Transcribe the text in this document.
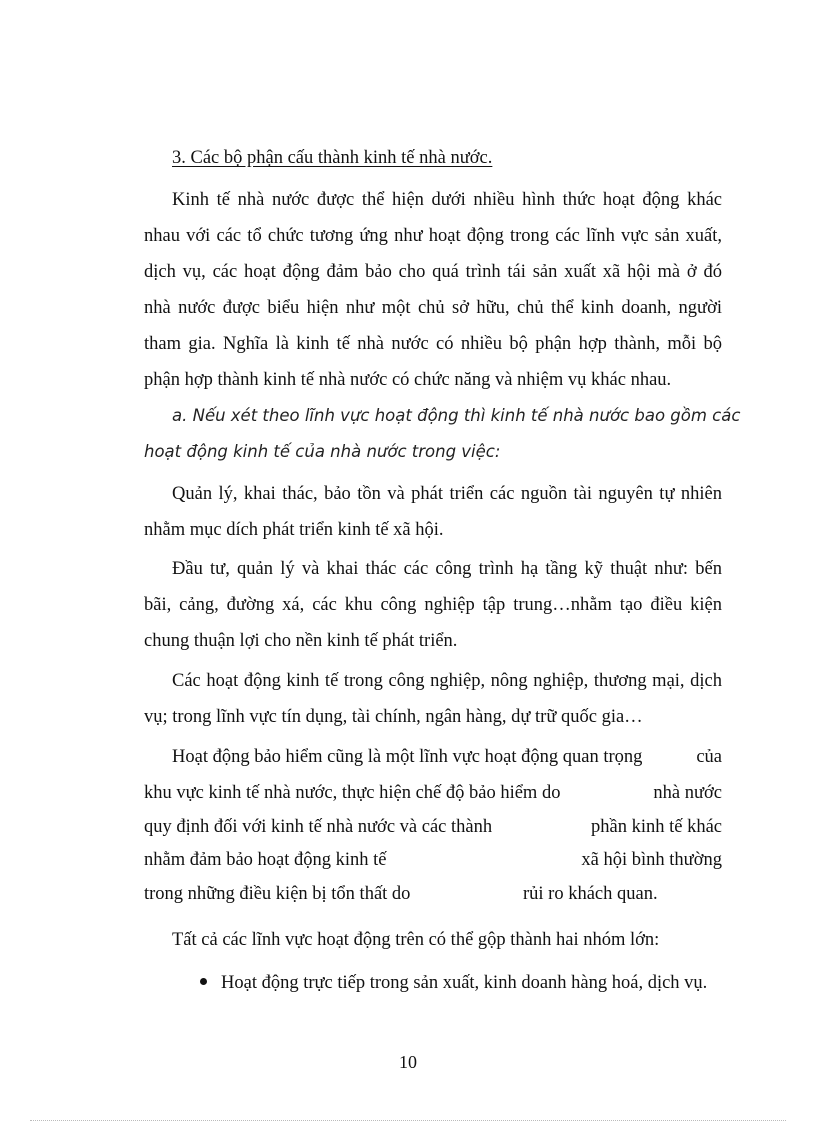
3. Các bộ phận cấu thành kinh tế nhà nước.

Kinh tế nhà nước được thể hiện dưới nhiều hình thức hoạt động khác
nhau với các tổ chức tương ứng như hoạt động trong các lĩnh vực sản xuất,
dịch vụ, các hoạt động đảm bảo cho quá trình tái sản xuất xã hội mà ở đó
nhà nước được biểu hiện như một chủ sở hữu, chủ thể kinh doanh, người
tham gia. Nghĩa là kinh tế nhà nước có nhiều bộ phận hợp thành, mỗi bộ
phận hợp thành kinh tế nhà nước có chức năng và nhiệm vụ khác nhau.

a. Nếu xét theo lĩnh vực hoạt động thì kinh tế nhà nước bao gồm các
hoạt động kinh tế của nhà nước trong việc:

Quản lý, khai thác, bảo tồn và phát triển các nguồn tài nguyên tự nhiên
nhằm mục dích phát triển kinh tế xã hội.

Đầu tư, quản lý và khai thác các công trình hạ tầng kỹ thuật như: bến
bãi, cảng, đường xá, các khu công nghiệp tập trung…nhằm tạo điều kiện
chung thuận lợi cho nền kinh tế phát triển.

Các hoạt động kinh tế trong công nghiệp, nông nghiệp, thương mại, dịch
vụ; trong lĩnh vực tín dụng, tài chính, ngân hàng, dự trữ quốc gia…

Hoạt động bảo hiểm cũng là một lĩnh vực hoạt động quan trọng	của
khu vực kinh tế nhà nước, thực hiện chế độ bảo hiểm do	nhà nước
quy định đối với kinh tế nhà nước và các thành	phần kinh tế khác
nhằm đảm bảo hoạt động kinh tế	xã hội bình thường
trong những điều kiện bị tổn thất do	rủi ro khách quan.

Tất cả các lĩnh vực hoạt động trên có thể gộp thành hai nhóm lớn:

Hoạt động trực tiếp trong sản xuất, kinh doanh hàng hoá, dịch vụ.
10
